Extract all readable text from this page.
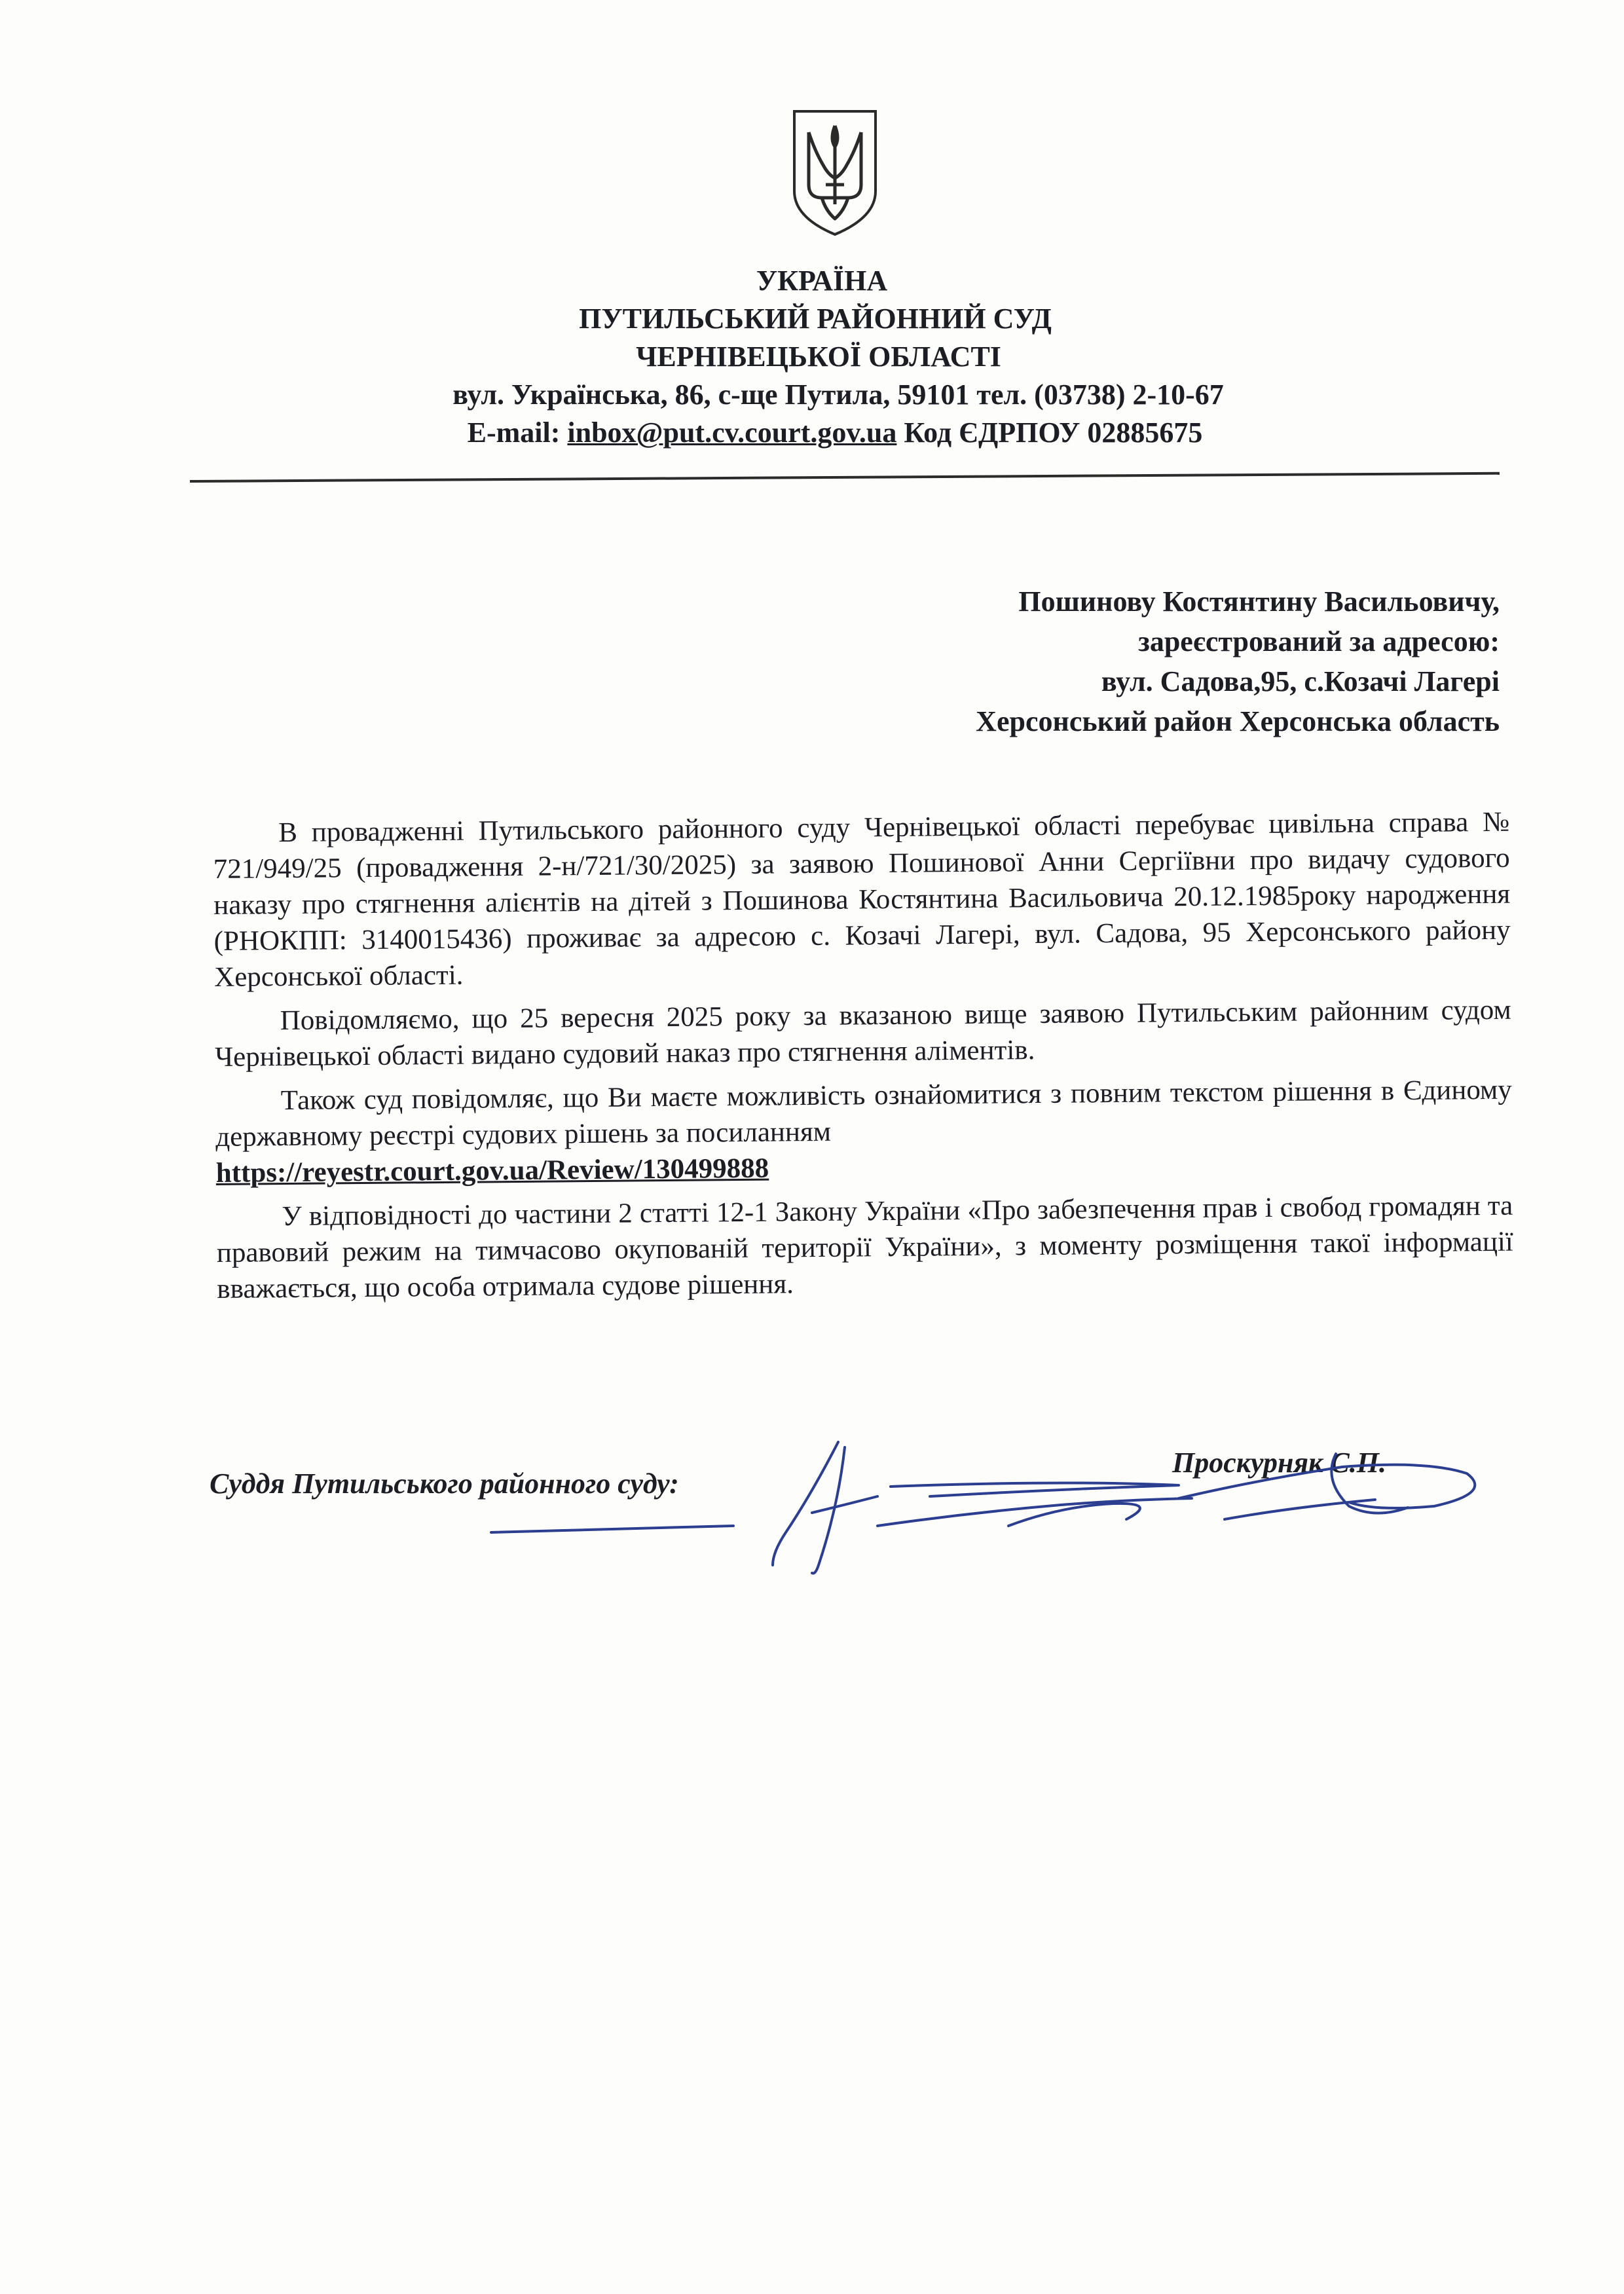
УКРАЇНА
ПУТИЛЬСЬКИЙ РАЙОННИЙ СУД
ЧЕРНІВЕЦЬКОЇ ОБЛАСТІ
вул. Українська, 86, с-ще Путила, 59101 тел. (03738) 2-10-67
E-mail: inbox@put.cv.court.gov.ua Код ЄДРПОУ 02885675
Пошинову Костянтину Васильовичу,
зареєстрований за адресою:
вул. Садова,95, с.Козачі Лагері
Херсонський район Херсонська область

В провадженні Путильського районного суду Чернівецької області перебуває цивільна справа № 721/949/25 (провадження 2-н/721/30/2025) за заявою Пошинової Анни Сергіївни про видачу судового наказу про стягнення алієнтів на дітей з Пошинова Костянтина Васильовича 20.12.1985року народження (РНОКПП: 3140015436) проживає за адресою с. Козачі Лагері, вул. Садова, 95 Херсонського району Херсонської області.

Повідомляємо, що 25 вересня 2025 року за вказаною вище заявою Путильським районним судом Чернівецької області видано судовий наказ про стягнення аліментів.

Також суд повідомляє, що Ви маєте можливість ознайомитися з повним текстом рішення в Єдиному державному реєстрі судових рішень за посиланням

https://reyestr.court.gov.ua/Review/130499888

У відповідності до частини 2 статті 12-1 Закону України «Про забезпечення прав і свобод громадян та правовий режим на тимчасово окупованій території України», з моменту розміщення такої інформації вважається, що особа отримала судове рішення.

Суддя Путильського районного суду:
Проскурняк С.П.
